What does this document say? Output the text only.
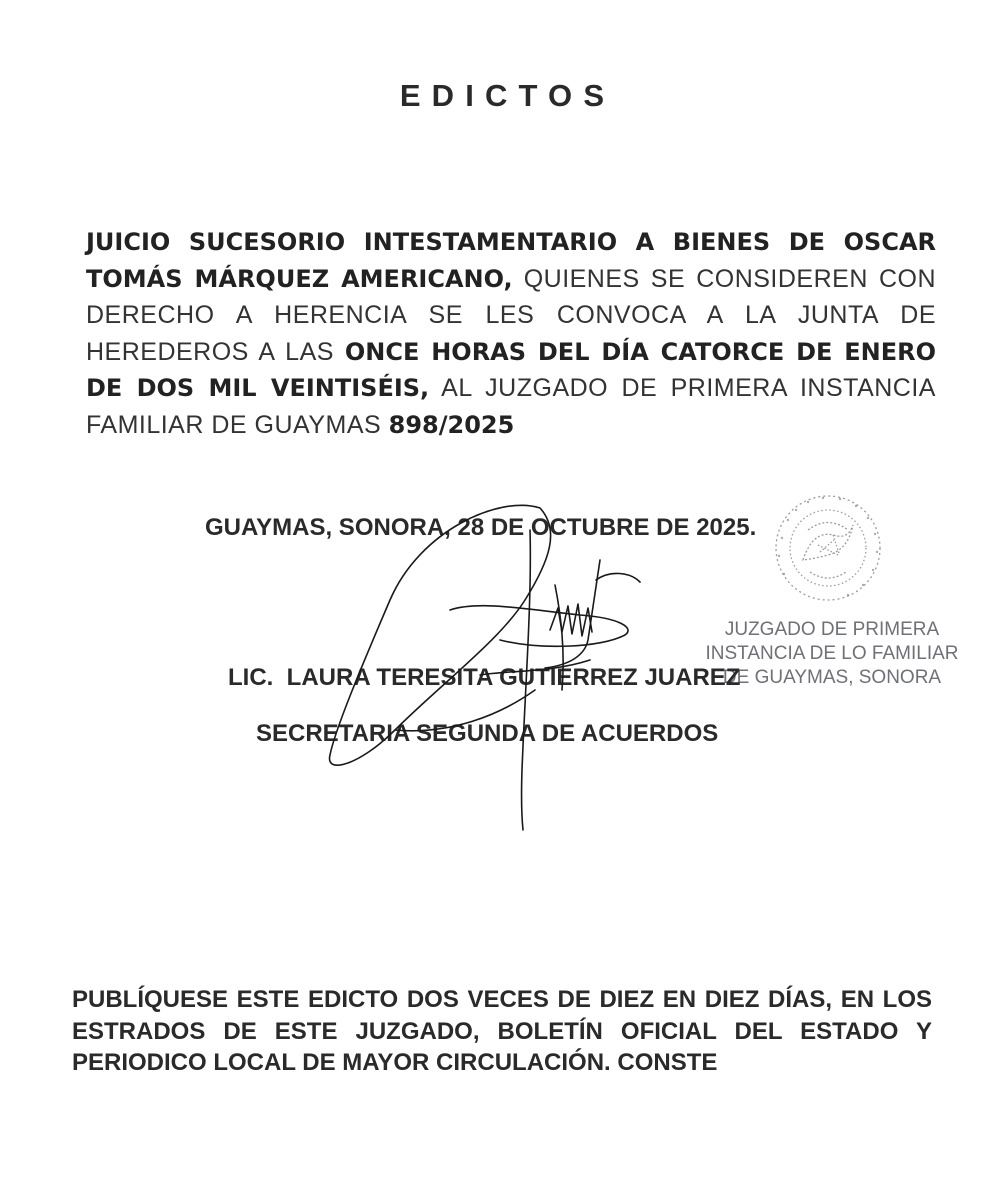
EDICTOS

JUICIO SUCESORIO INTESTAMENTARIO A BIENES DE OSCAR TOMÁS MÁRQUEZ AMERICANO, QUIENES SE CONSIDEREN CON DERECHO A HERENCIA SE LES CONVOCA A LA JUNTA DE HEREDEROS A LAS ONCE HORAS DEL DÍA CATORCE DE ENERO DE DOS MIL VEINTISÉIS, AL JUZGADO DE PRIMERA INSTANCIA FAMILIAR DE GUAYMAS 898/2025

GUAYMAS, SONORA, 28 DE OCTUBRE DE 2025.
JUZGADO DE PRIMERA
INSTANCIA DE LO FAMILIAR
DE GUAYMAS, SONORA
LIC.  LAURA TERESITA GUTIERREZ JUAREZ
SECRETARIA SEGUNDA DE ACUERDOS

PUBLÍQUESE ESTE EDICTO DOS VECES DE DIEZ EN DIEZ DÍAS, EN LOS ESTRADOS DE ESTE JUZGADO, BOLETÍN OFICIAL DEL ESTADO Y PERIODICO LOCAL DE MAYOR CIRCULACIÓN. CONSTE
